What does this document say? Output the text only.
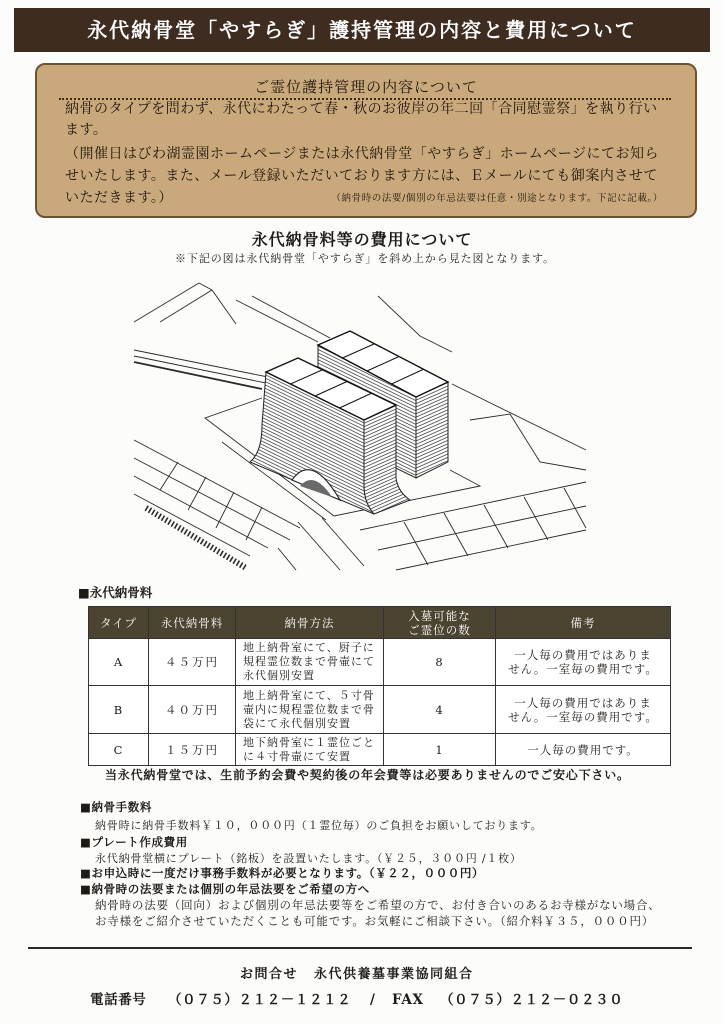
永代納骨堂「やすらぎ」護持管理の内容と費用について
ご霊位護持管理の内容について
納骨のタイプを問わず、永代にわたって春・秋のお彼岸の年二回「合同慰霊祭」を執り行い
ます。
（開催日はびわ湖霊園ホームページまたは永代納骨堂「やすらぎ」ホームページにてお知ら
せいたします。また、メール登録いただいております方には、Ｅメールにても御案内させて
いただきます。）	（納骨時の法要/個別の年忌法要は任意・別途となります。下記に記載。）
永代納骨料等の費用について
※下記の図は永代納骨堂「やすらぎ」を斜め上から見た図となります。
■永代納骨料
タイプ	永代納骨料	納骨方法	入墓可能な
ご霊位の数	備考
A	４５万円	地上納骨室にて、厨子に
規程霊位数まで骨壷にて
永代個別安置	8	一人毎の費用ではありま
せん。一室毎の費用です。

B	４０万円	地上納骨室にて、５寸骨
壷内に規程霊位数まで骨
袋にて永代個別安置	4	一人毎の費用ではありま
せん。一室毎の費用です。

C	１５万円	地下納骨室に１霊位ごと
に４寸骨壷にて安置	1	一人毎の費用です。
当永代納骨堂では、生前予約会費や契約後の年会費等は必要ありませんのでご安心下さい。
■納骨手数料
納骨時に納骨手数料￥１０，０００円（１霊位毎）のご負担をお願いしております。
■プレート作成費用
永代納骨堂横にプレート（銘板）を設置いたします。（￥２５，３００円 /１枚）
■お申込時に一度だけ事務手数料が必要となります。（￥２２，０００円）
■納骨時の法要または個別の年忌法要をご希望の方へ
納骨時の法要（回向）および個別の年忌法要等をご希望の方で、お付き合いのあるお寺様がない場合、
お寺様をご紹介させていただくことも可能です。お気軽にご相談下さい。（紹介料￥３５，０００円）
お問合せ 永代供養墓事業協同組合
電話番号 （０７５）２１２－１２１２ / FAX （０７５）２１２－０２３０
